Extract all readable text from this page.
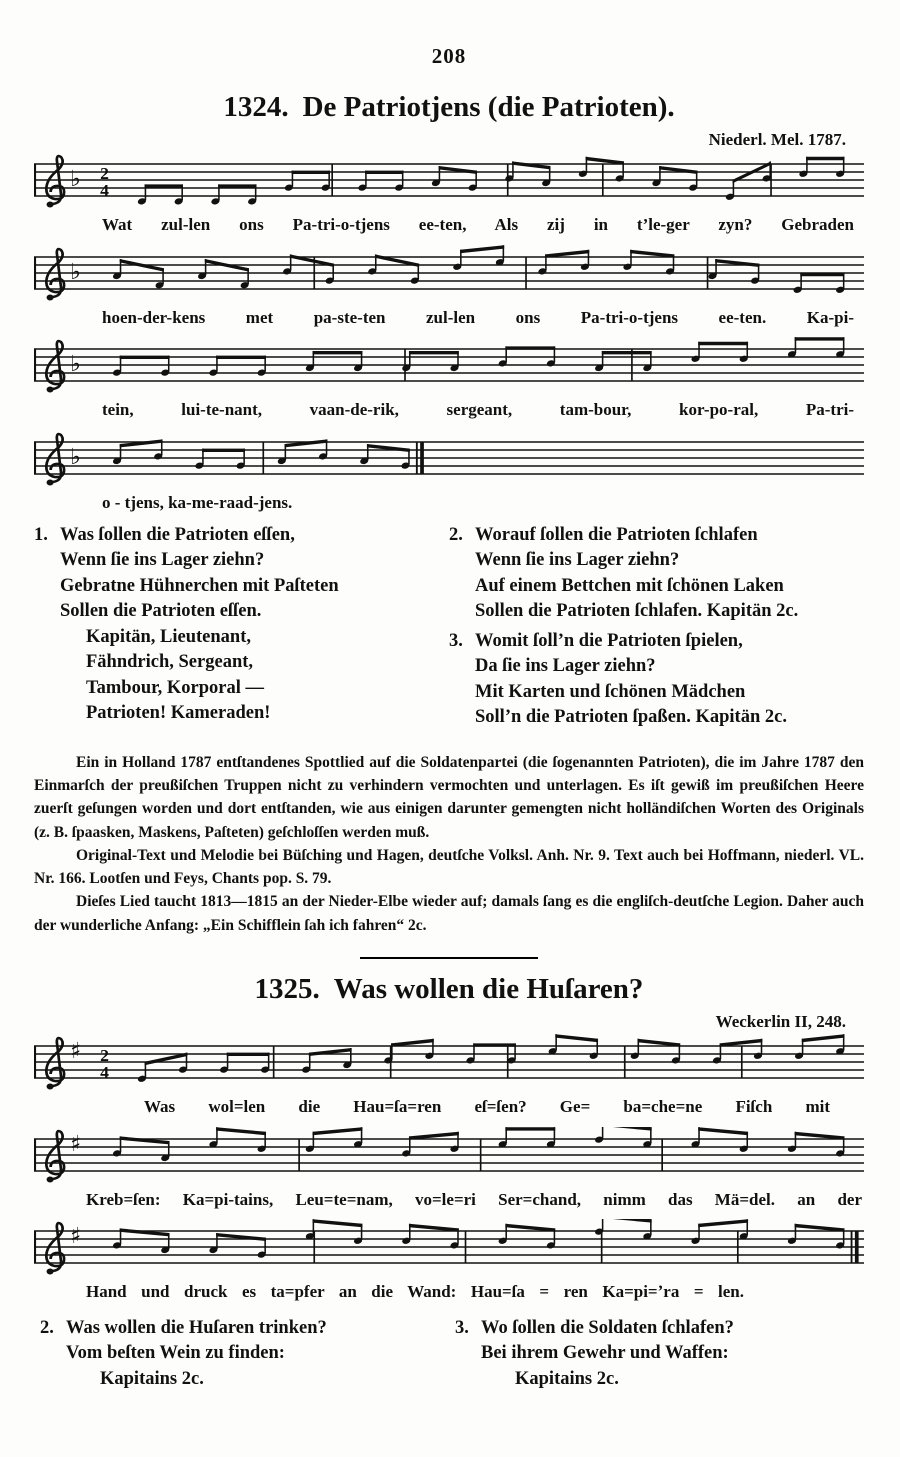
208
1324. De Patriotjens (die Patrioten).
Niederl. Mel. 1787.
♭ 2
4
Wat zul-len ons Pa-tri-o-tjens ee-ten, Als zij in t’le-ger zyn? Gebraden
♭
hoen-der-kens met pa-ste-ten zul-len ons Pa-tri-o-tjens ee-ten. Ka-pi-
♭
tein, lui-te-nant, vaan-de-rik, sergeant, tam-bour, kor-po-ral, Pa-tri-
♭
o - tjens, ka-me-raad-jens.
1. Was ſollen die Patrioten eſſen,
Wenn ſie ins Lager ziehn?
Gebratne Hühnerchen mit Paſteten
Sollen die Patrioten eſſen.
Kapitän, Lieutenant,
Fähndrich, Sergeant,
Tambour, Korporal —
Patrioten! Kameraden!
2. Worauf ſollen die Patrioten ſchlafen
Wenn ſie ins Lager ziehn?
Auf einem Bettchen mit ſchönen Laken
Sollen die Patrioten ſchlafen. Kapitän 2c.
3. Womit ſoll’n die Patrioten ſpielen,
Da ſie ins Lager ziehn?
Mit Karten und ſchönen Mädchen
Soll’n die Patrioten ſpaßen. Kapitän 2c.

Ein in Holland 1787 entſtandenes Spottlied auf die Soldatenpartei (die ſogenannten Patrioten), die im Jahre 1787 den Einmarſch der preußiſchen Truppen nicht zu verhindern vermochten und unterlagen. Es iſt gewiß im preußiſchen Heere zuerſt geſungen worden und dort entſtanden, wie aus einigen darunter gemengten nicht holländiſchen Worten des Originals (z. B. ſpaasken, Maskens, Paſteten) geſchloſſen werden muß.

Original-Text und Melodie bei Büſching und Hagen, deutſche Volksl. Anh. Nr. 9. Text auch bei Hoffmann, niederl. VL. Nr. 166. Lootſen und Feys, Chants pop. S. 79.

Dieſes Lied taucht 1813—1815 an der Nieder-Elbe wieder auf; damals ſang es die engliſch-deutſche Legion. Daher auch der wunderliche Anfang: „Ein Schifflein ſah ich fahren“ 2c.

1325. Was wollen die Huſaren?
Weckerlin II, 248.
♯ 2
4
Was wol=len die Hau=ſa=ren eſ=ſen? Ge= ba=che=ne Fiſch mit
♯
Kreb=ſen: Ka=pi-tains, Leu=te=nam, vo=le=ri Ser=chand, nimm das Mä=del. an der
♯
Hand und druck es ta=pfer an die Wand: Hau=ſa = ren Ka=pi=ʼra = len.
2. Was wollen die Huſaren trinken?
Vom beſten Wein zu finden:
Kapitains 2c.
3. Wo ſollen die Soldaten ſchlafen?
Bei ihrem Gewehr und Waffen:
Kapitains 2c.
